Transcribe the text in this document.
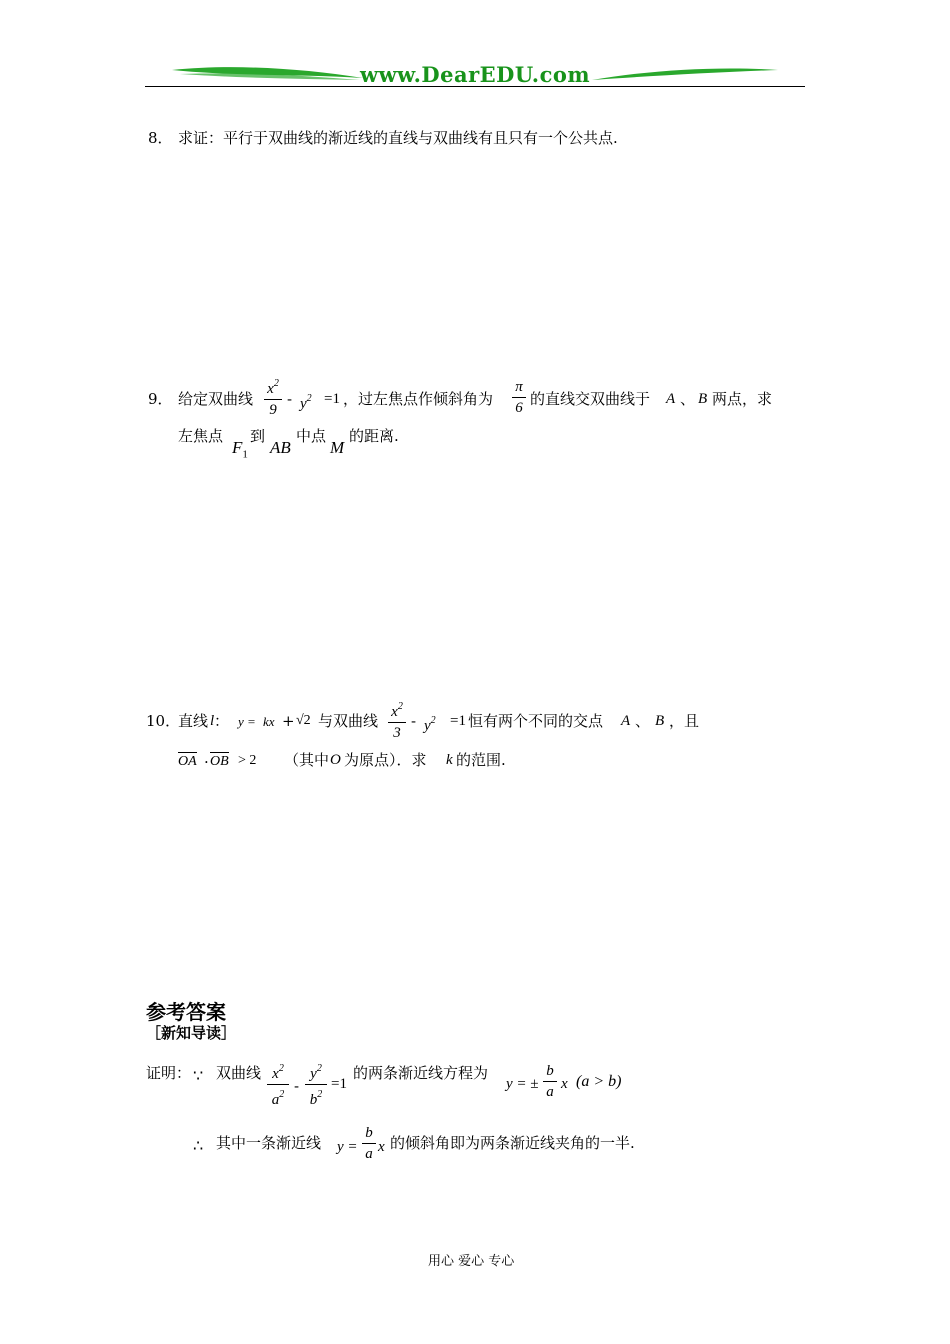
www.DearEDU.com
8． 求证：平行于双曲线的渐近线的直线与双曲线有且只有一个公共点.
9． 给定双曲线
$x^2$
9
- $y^2 =1$ ，过左焦点作倾斜角为
π
6 的直线交双曲线于 A 、 B 两点，求
左焦点
$F_1$
到
AB
中点
M
的距离.
10．
直线 l ： y = kx + √2 与双曲线 $x^2$
3
- $y^2 =1$ 恒有两个不同的交点 A 、 B ，且
OA · OB > 2 （其中 O 为原点）．求 k 的范围.
参考答案
［新知导读］
证明： ∵ 双曲线 $x^2$
$a^2$ -
$y^2$
$b^2$
=1
的两条渐近线方程为
y = ±
b
a x (a > b)
∴ 其中一条渐近线 y =
b
a x 的倾斜角即为两条渐近线夹角的一半.
用心 爱心 专心
